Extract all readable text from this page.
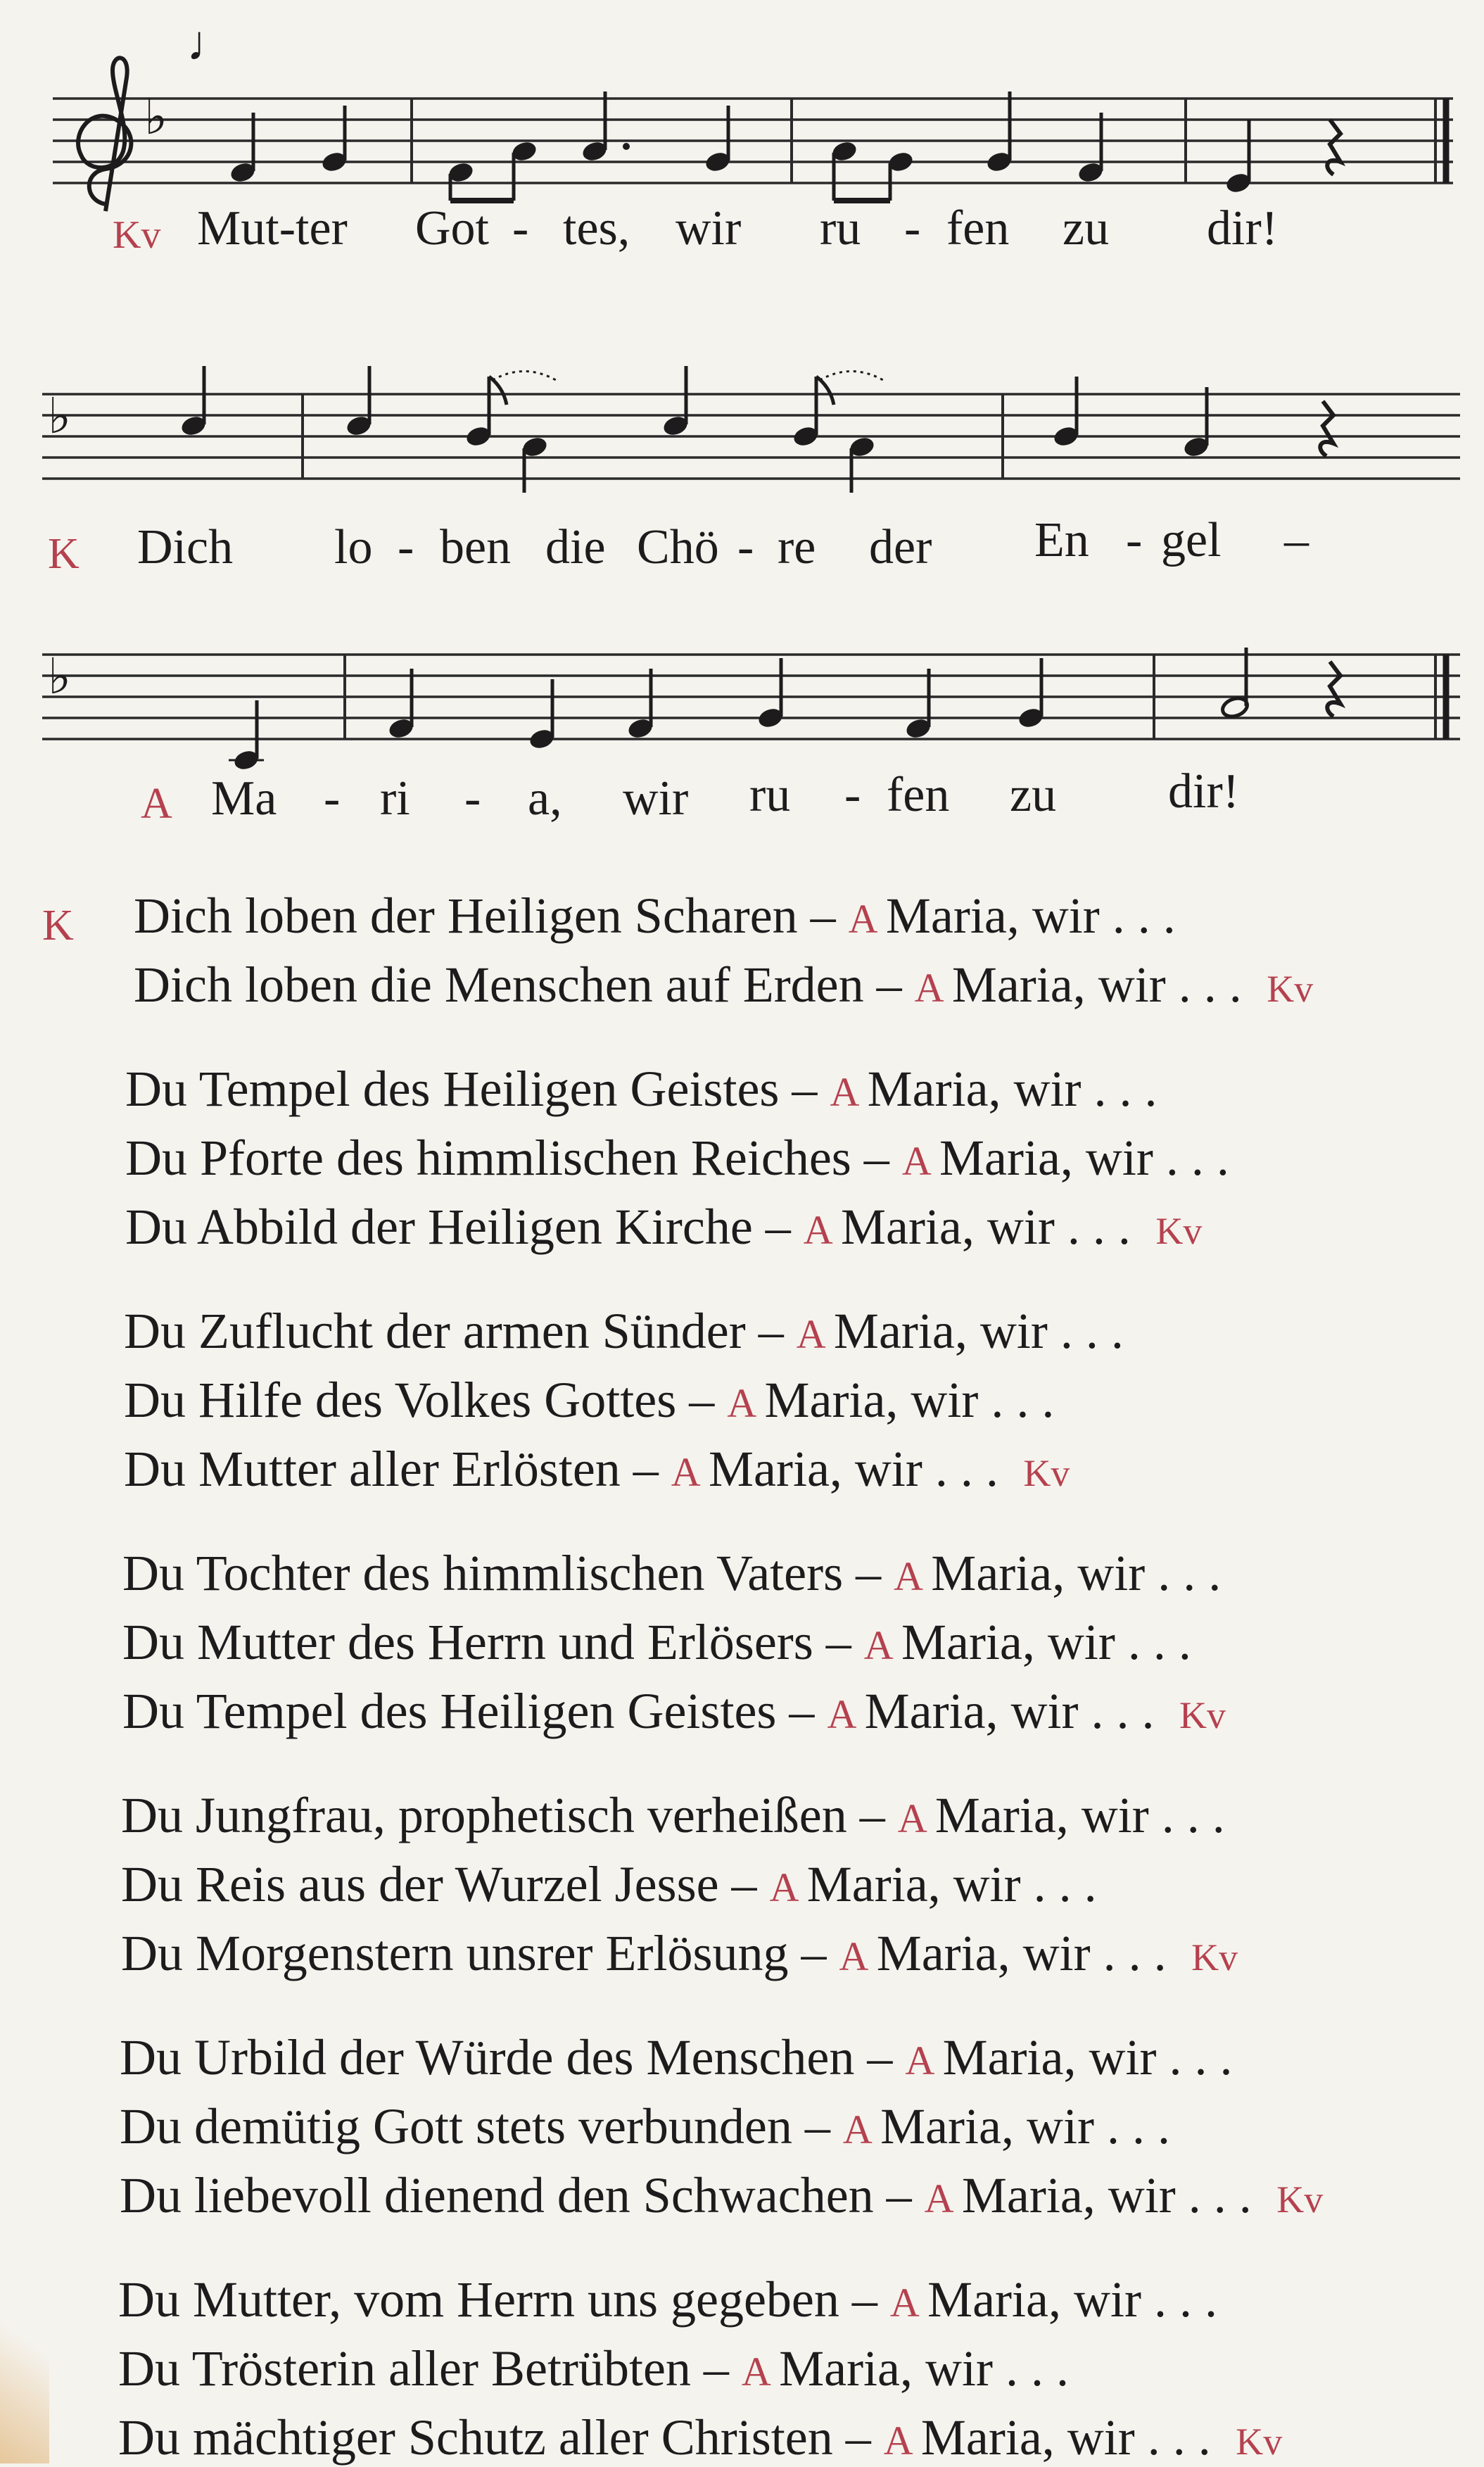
♭
♩
Kv Mut-ter Got - tes, wir ru - fen zu dir!
♭
K Dich lo - ben die Chö - re der En - gel –
♭
A Ma - ri - a, wir ru - fen zu dir!
K Dich loben der Heiligen Scharen – A Maria, wir . . .
Dich loben die Menschen auf Erden – A Maria, wir . . . Kv
Du Tempel des Heiligen Geistes – A Maria, wir . . .
Du Pforte des himmlischen Reiches – A Maria, wir . . .
Du Abbild der Heiligen Kirche – A Maria, wir . . . Kv
Du Zuflucht der armen Sünder – A Maria, wir . . .
Du Hilfe des Volkes Gottes – A Maria, wir . . .
Du Mutter aller Erlösten – A Maria, wir . . . Kv
Du Tochter des himmlischen Vaters – A Maria, wir . . .
Du Mutter des Herrn und Erlösers – A Maria, wir . . .
Du Tempel des Heiligen Geistes – A Maria, wir . . . Kv
Du Jungfrau, prophetisch verheißen – A Maria, wir . . .
Du Reis aus der Wurzel Jesse – A Maria, wir . . .
Du Morgenstern unsrer Erlösung – A Maria, wir . . . Kv
Du Urbild der Würde des Menschen – A Maria, wir . . .
Du demütig Gott stets verbunden – A Maria, wir . . .
Du liebevoll dienend den Schwachen – A Maria, wir . . . Kv
Du Mutter, vom Herrn uns gegeben – A Maria, wir . . .
Du Trösterin aller Betrübten – A Maria, wir . . .
Du mächtiger Schutz aller Christen – A Maria, wir . . . Kv
